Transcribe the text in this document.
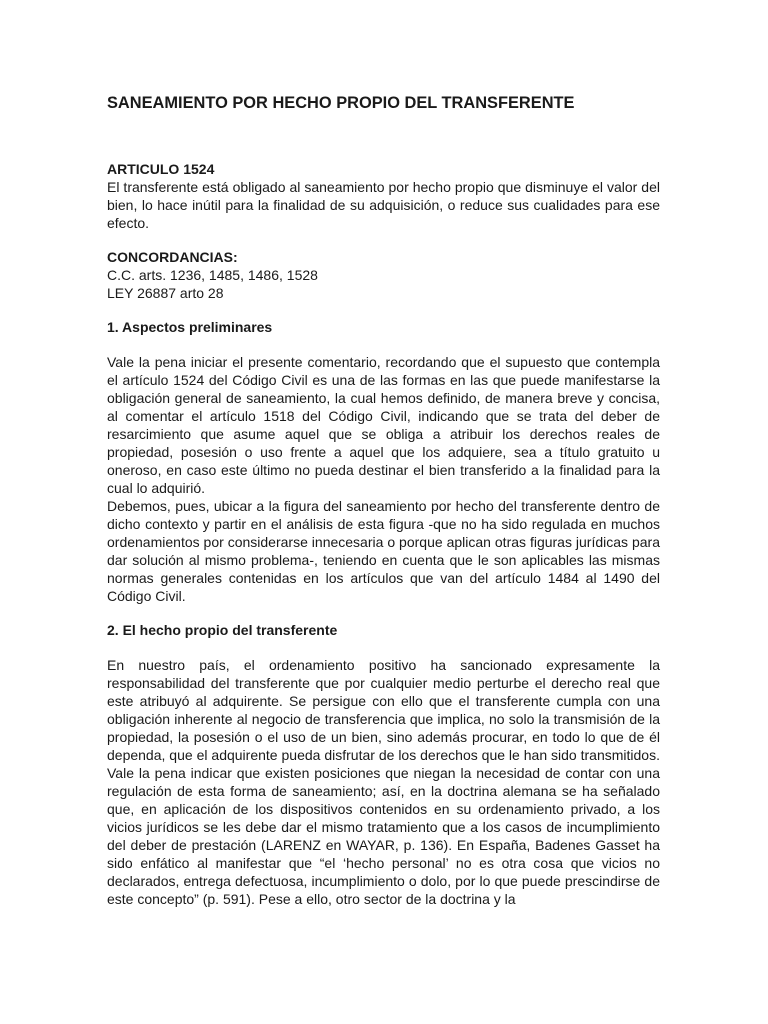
SANEAMIENTO POR HECHO PROPIO DEL TRANSFERENTE
ARTICULO 1524

El transferente está obligado al saneamiento por hecho propio que disminuye el valor del bien, lo hace inútil para la finalidad de su adquisición, o reduce sus cualidades para ese efecto.

CONCORDANCIAS:
C.C. arts. 1236, 1485, 1486, 1528
LEY 26887 arto 28
1. Aspectos preliminares

Vale la pena iniciar el presente comentario, recordando que el supuesto que contempla el artículo 1524 del Código Civil es una de las formas en las que puede manifestarse la obligación general de saneamiento, la cual hemos definido, de manera breve y concisa, al comentar el artículo 1518 del Código Civil, indicando que se trata del deber de resarcimiento que asume aquel que se obliga a atribuir los derechos reales de propiedad, posesión o uso frente a aquel que los adquiere, sea a título gratuito u oneroso, en caso este último no pueda destinar el bien transferido a la finalidad para la cual lo adquirió.

Debemos, pues, ubicar a la figura del saneamiento por hecho del transferente dentro de dicho contexto y partir en el análisis de esta figura -que no ha sido regulada en muchos ordenamientos por considerarse innecesaria o porque aplican otras figuras jurídicas para dar solución al mismo problema-, teniendo en cuenta que le son aplicables las mismas normas generales contenidas en los artículos que van del artículo 1484 al 1490 del Código Civil.

2. El hecho propio del transferente

En nuestro país, el ordenamiento positivo ha sancionado expresamente la responsabilidad del transferente que por cualquier medio perturbe el derecho real que este atribuyó al adquirente. Se persigue con ello que el transferente cumpla con una obligación inherente al negocio de transferencia que implica, no solo la transmisión de la propiedad, la posesión o el uso de un bien, sino además procurar, en todo lo que de él dependa, que el adquirente pueda disfrutar de los derechos que le han sido transmitidos. Vale la pena indicar que existen posiciones que niegan la necesidad de contar con una regulación de esta forma de saneamiento; así, en la doctrina alemana se ha señalado que, en aplicación de los dispositivos contenidos en su ordenamiento privado, a los vicios jurídicos se les debe dar el mismo tratamiento que a los casos de incumplimiento del deber de prestación (LARENZ en WAYAR, p. 136). En España, Badenes Gasset ha sido enfático al manifestar que “el ‘hecho personal’ no es otra cosa que vicios no declarados, entrega defectuosa, incumplimiento o dolo, por lo que puede prescindirse de este concepto” (p. 591). Pese a ello, otro sector de la doctrina y la
